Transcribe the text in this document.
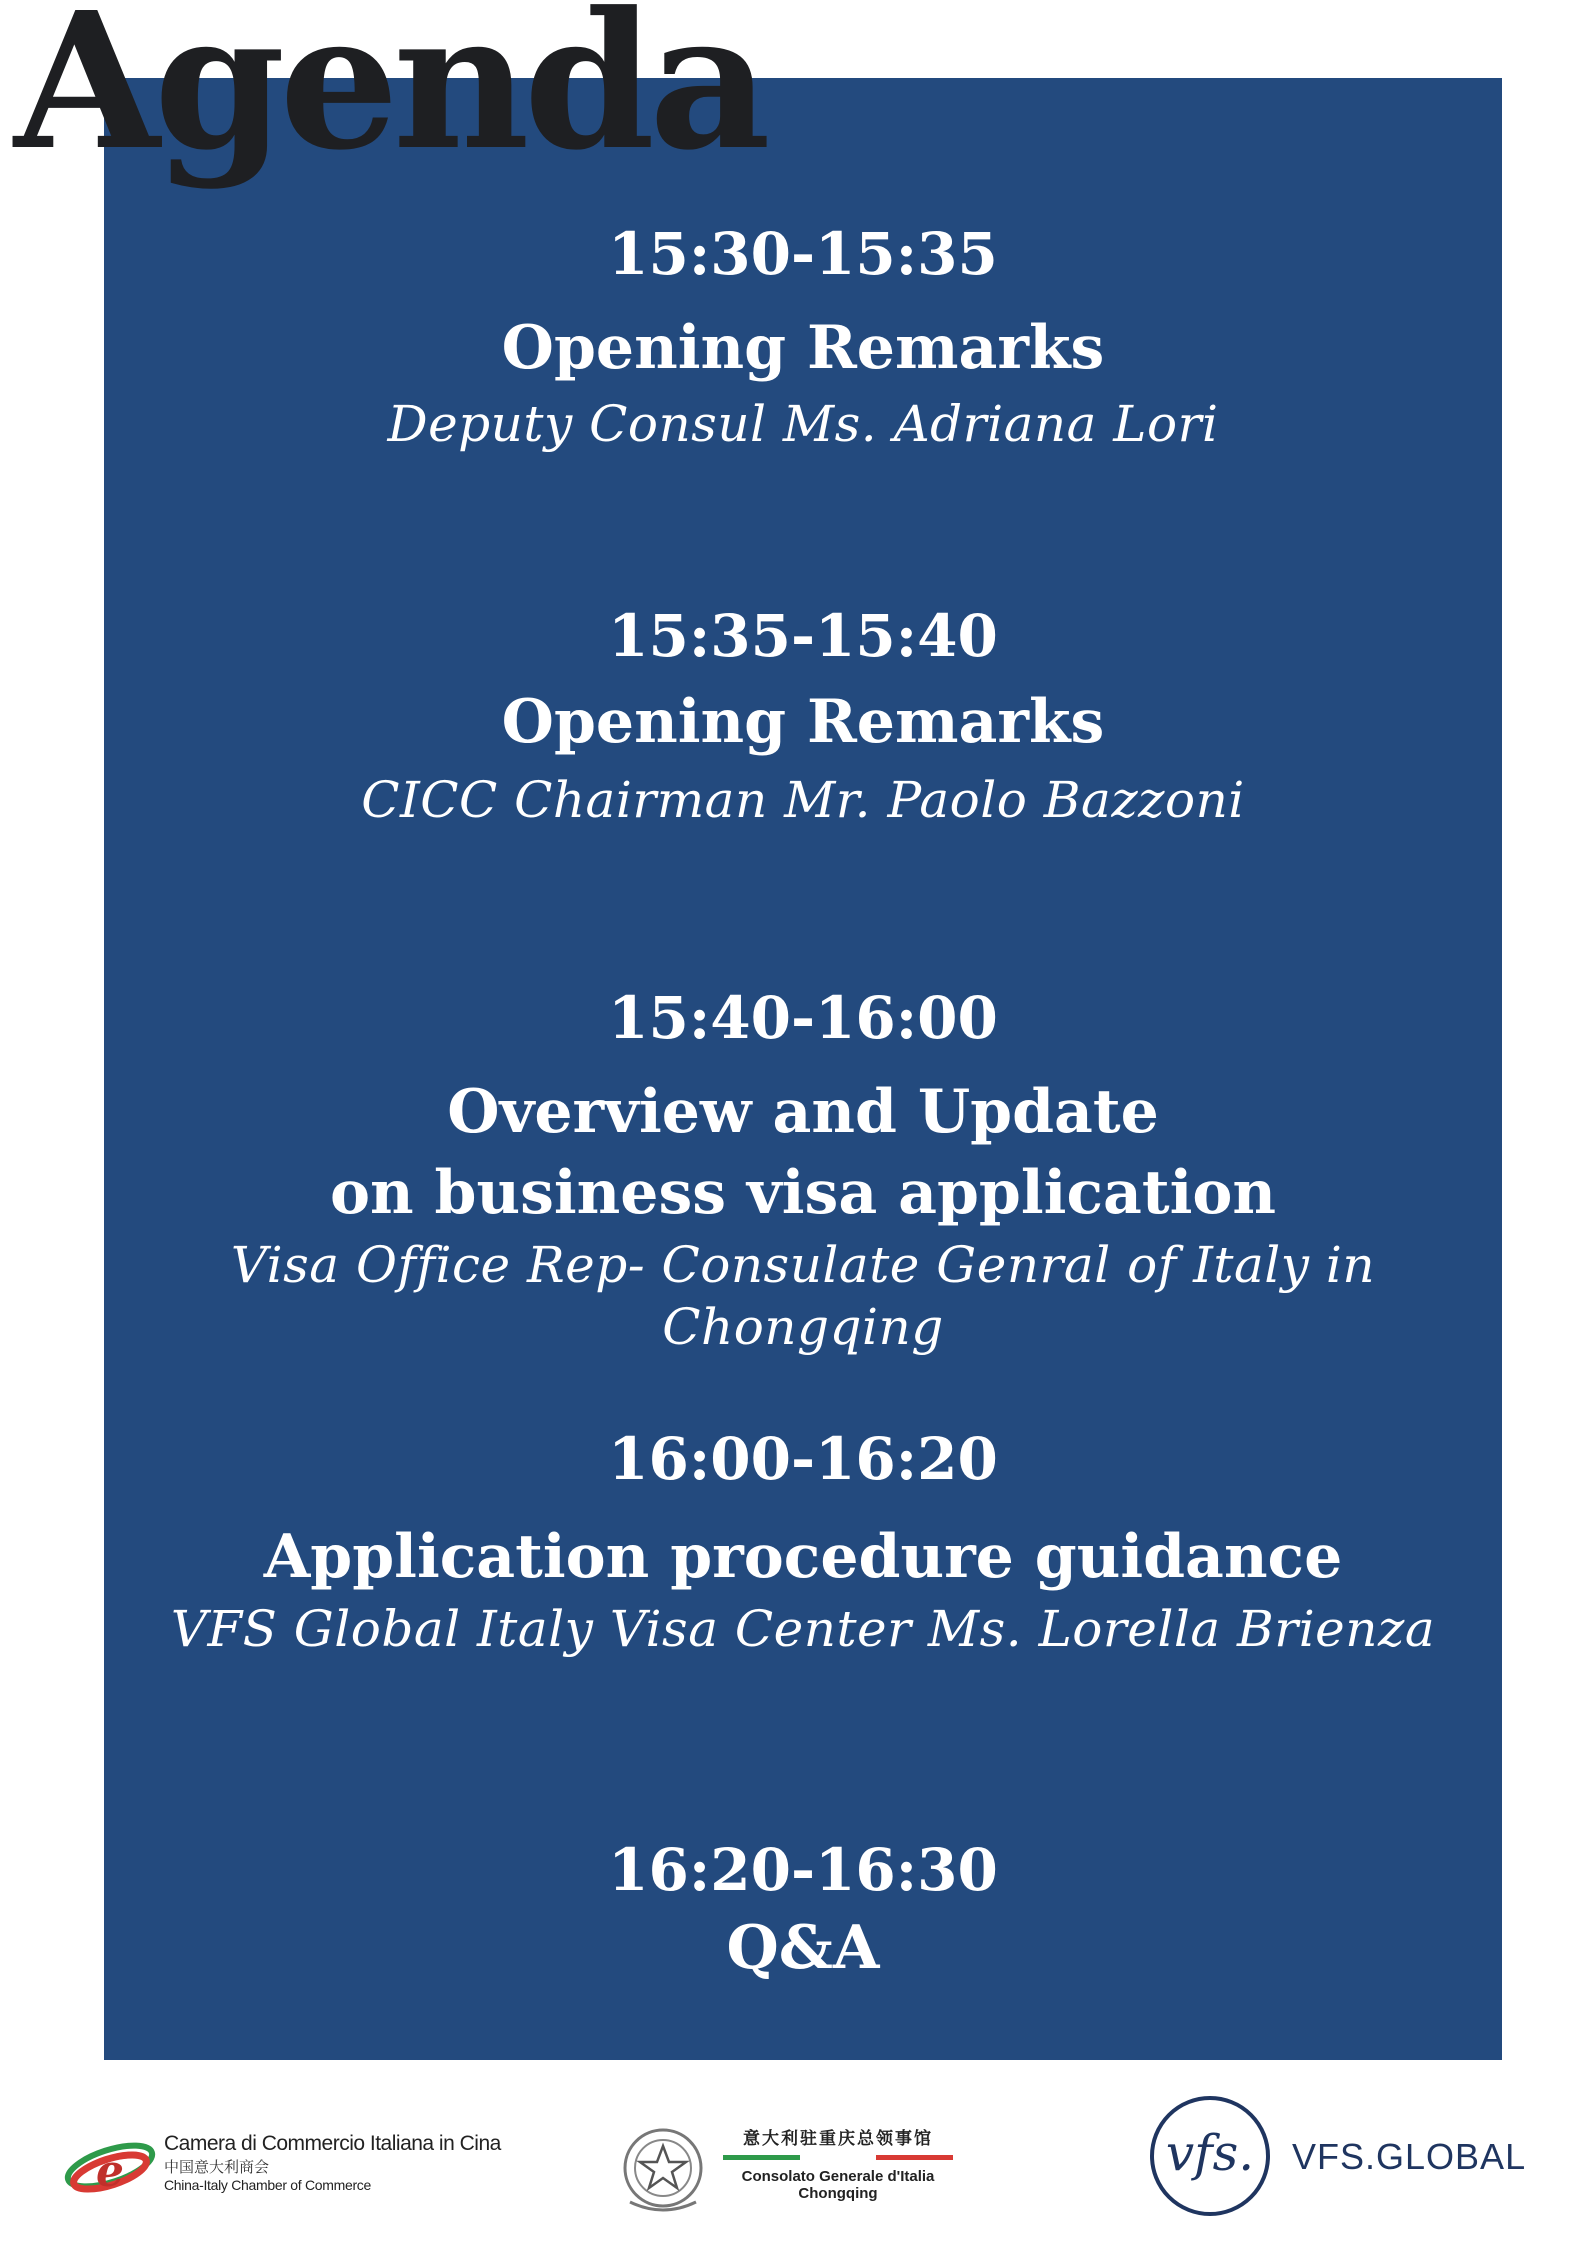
Agenda
15:30-15:35
Opening Remarks
Deputy Consul Ms. Adriana Lori
15:35-15:40
Opening Remarks
CICC Chairman Mr. Paolo Bazzoni
15:40-16:00
Overview and Update
on business visa application
Visa Office Rep- Consulate Genral of Italy in Chongqing
16:00-16:20
Application procedure guidance
VFS Global Italy Visa Center Ms. Lorella Brienza
16:20-16:30
Q&A
e
Camera di Commercio Italiana in Cina
中国意大利商会
China-Italy Chamber of Commerce
意大利驻重庆总领事馆
Consolato Generale d'Italia
Chongqing
vfs.	VFS.GLOBAL
